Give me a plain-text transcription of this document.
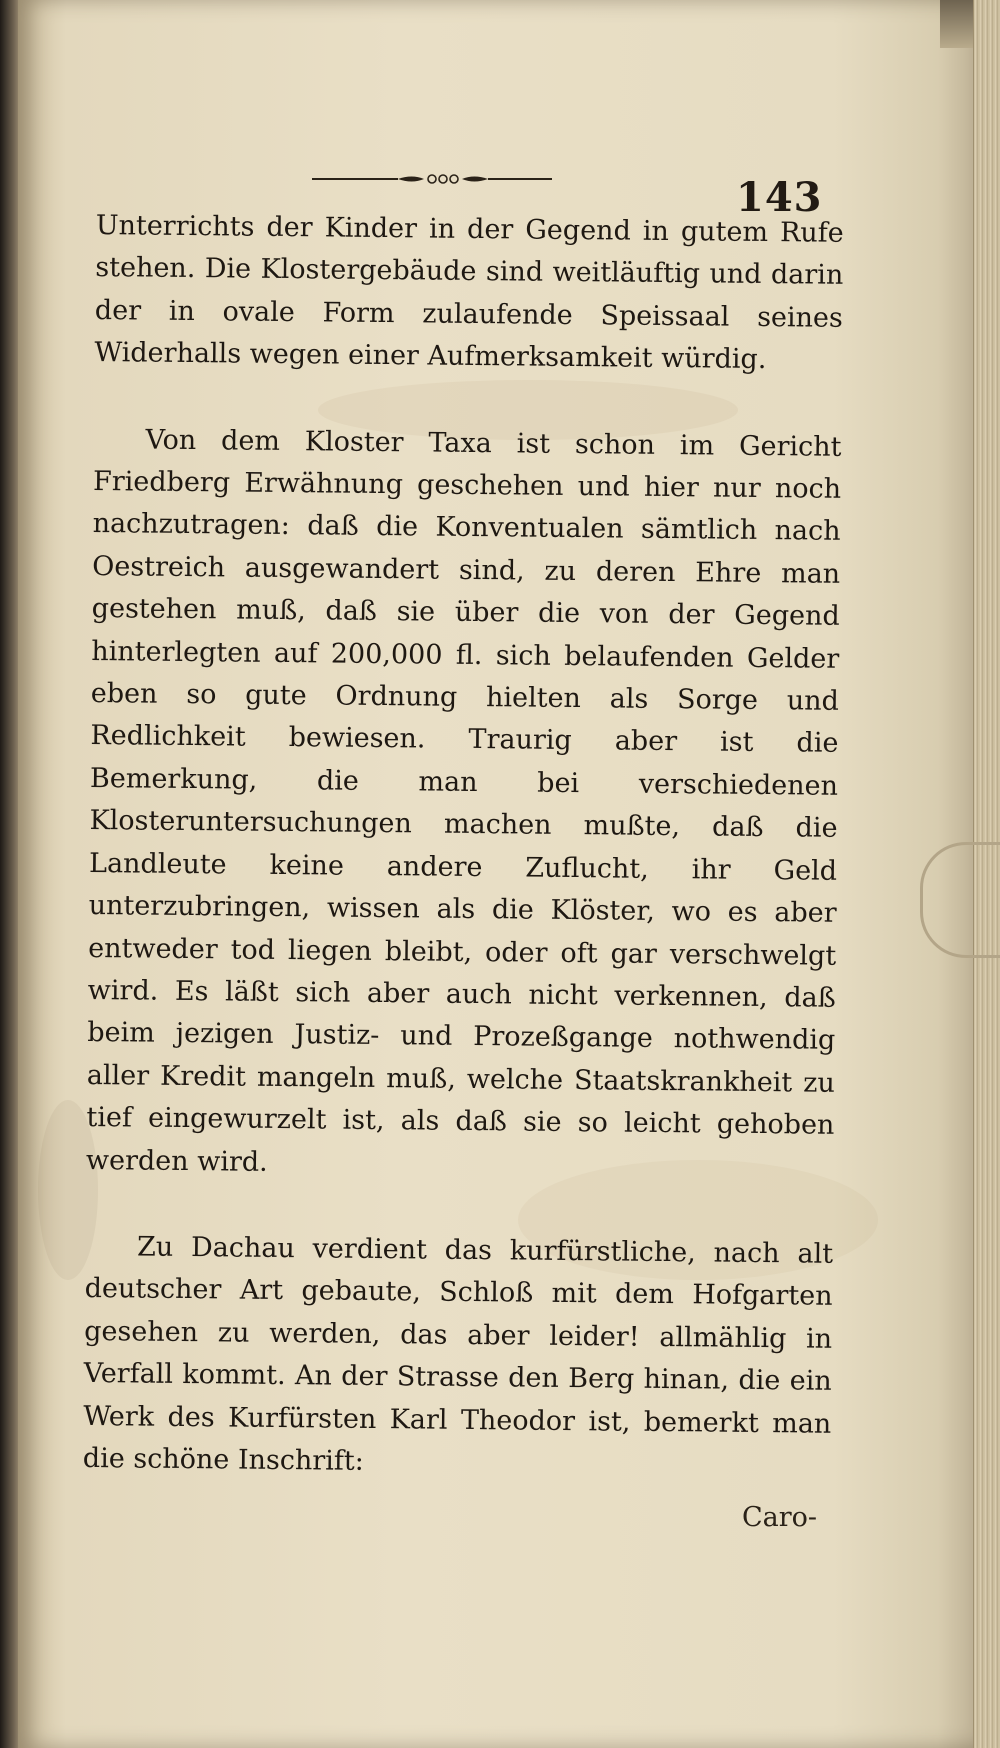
143

Unterrichts der Kinder in der Gegend in gutem Rufe stehen. Die Klostergebäude sind weitläuftig und darin der in ovale Form zulaufende Speissaal seines Widerhalls wegen einer Aufmerksamkeit würdig.

Von dem Kloster Taxa ist schon im Gericht Friedberg Erwähnung geschehen und hier nur noch nachzutragen: daß die Konventualen sämtlich nach Oestreich ausgewandert sind, zu deren Ehre man gestehen muß, daß sie über die von der Gegend hinterlegten auf 200,000 fl. sich belaufenden Gelder eben so gute Ordnung hielten als Sorge und Redlichkeit bewiesen. Traurig aber ist die Bemerkung, die man bei verschiedenen Klosteruntersuchungen machen mußte, daß die Landleute keine andere Zuflucht, ihr Geld unterzubringen, wissen als die Klöster, wo es aber entweder tod liegen bleibt, oder oft gar verschwelgt wird. Es läßt sich aber auch nicht verkennen, daß beim jezigen Justiz- und Prozeßgange nothwendig aller Kredit mangeln muß, welche Staatskrankheit zu tief eingewurzelt ist, als daß sie so leicht gehoben werden wird.

Zu Dachau verdient das kurfürstliche, nach alt deutscher Art gebaute, Schloß mit dem Hofgarten gesehen zu werden, das aber leider! allmählig in Verfall kommt. An der Strasse den Berg hinan, die ein Werk des Kurfürsten Karl Theodor ist, bemerkt man die schöne Inschrift:

Caro-
